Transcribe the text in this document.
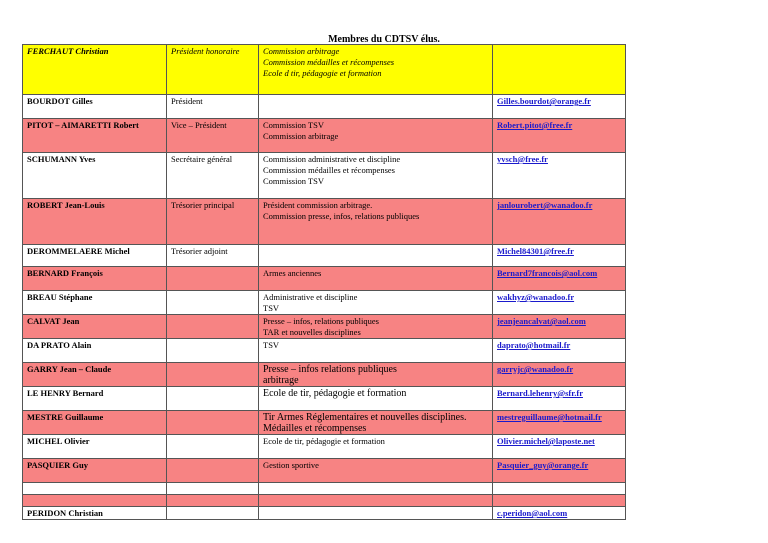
Membres du CDTSV élus.
FERCHAUT Christian	Président honoraire	Commission arbitrage
Commission médailles et récompenses
Ecole d tir, pédagogie et formation	

BOURDOT Gilles	Président		Gilles.bourdot@orange.fr
PITOT – AIMARETTI Robert	Vice – Président	Commission TSV
Commission arbitrage	Robert.pitot@free.fr
SCHUMANN Yves	Secrétaire général	Commission administrative et discipline
Commission médailles et récompenses
Commission TSV	yvsch@free.fr
ROBERT Jean-Louis	Trésorier principal	Président commission arbitrage.
Commission presse, infos, relations publiques	janlourobert@wanadoo.fr
DEROMMELAERE Michel	Trésorier adjoint		Michel84301@free.fr
BERNARD François		Armes anciennes	Bernard7francois@aol.com
BREAU Stéphane		Administrative et discipline
TSV	wakhyz@wanadoo.fr
CALVAT Jean		Presse – infos, relations publiques
TAR et nouvelles disciplines	jeanjeancalvat@aol.com
DA PRATO Alain		TSV	daprato@hotmail.fr
GARRY Jean – Claude		Presse – infos relations publiques
arbitrage	garryjc@wanadoo.fr
LE HENRY Bernard		Ecole de tir, pédagogie et formation	Bernard.lehenry@sfr.fr
MESTRE Guillaume		Tir Armes Réglementaires et nouvelles disciplines.
Médailles et récompenses	mestreguillaume@hotmail.fr
MICHEL Olivier		Ecole de tir, pédagogie et formation	Olivier.michel@laposte.net
PASQUIER Guy		Gestion sportive	Pasquier_guy@orange.fr

PERIDON Christian			c.peridon@aol.com
